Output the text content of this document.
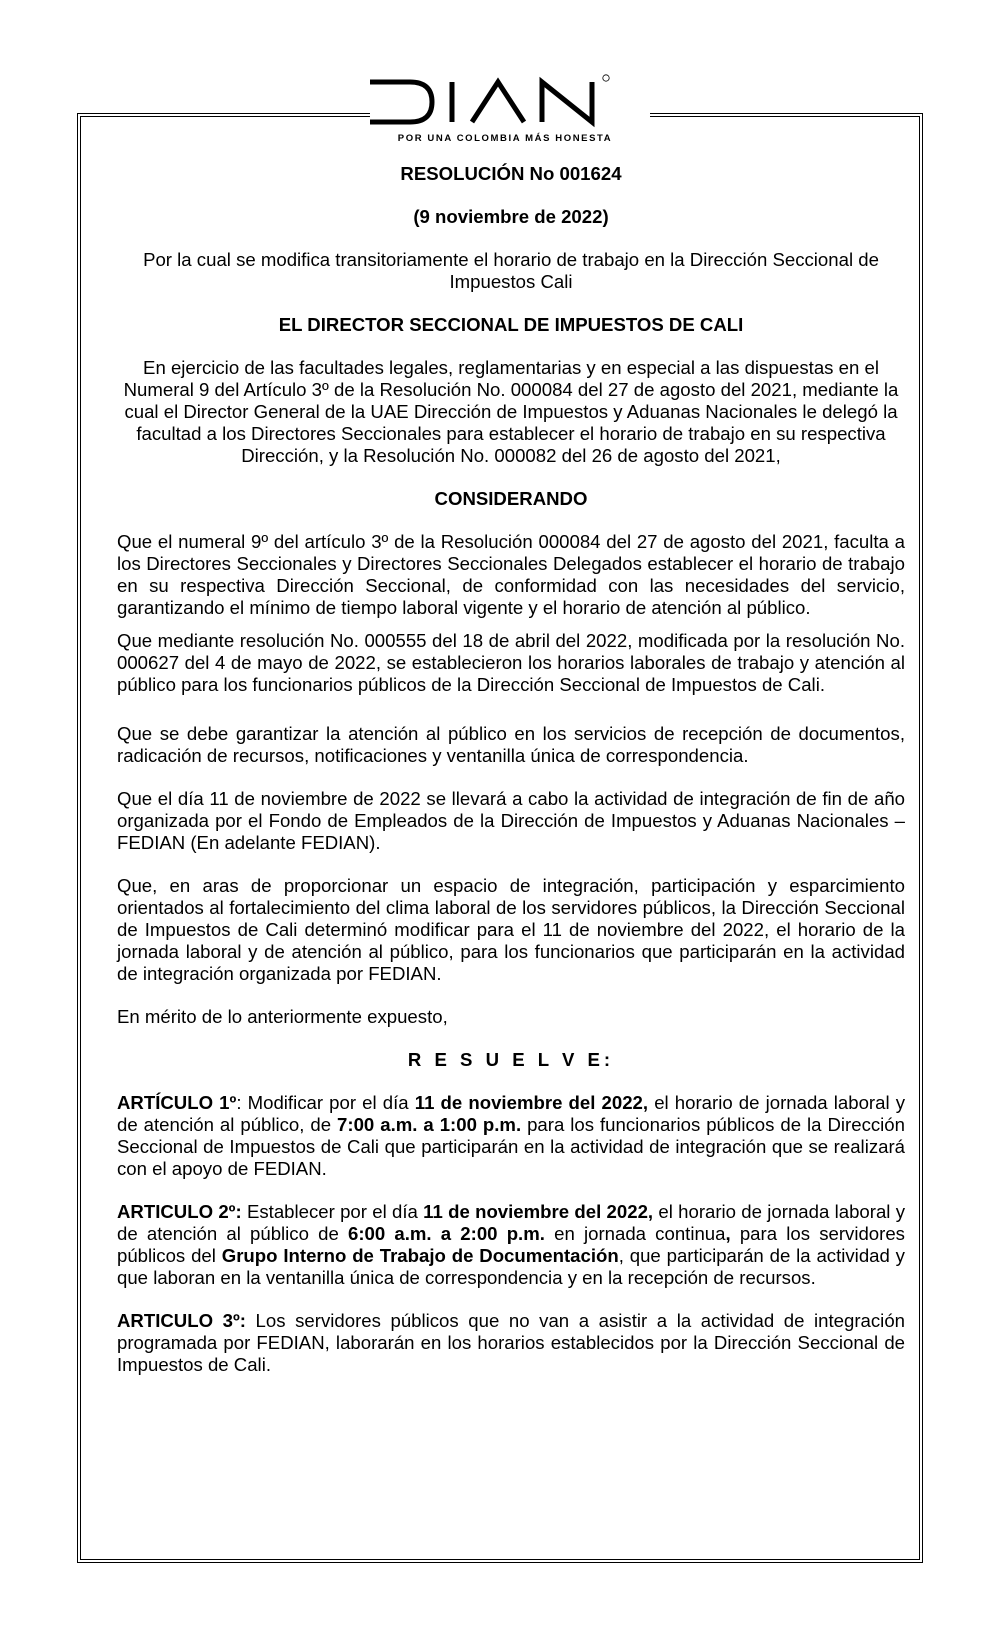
POR UNA COLOMBIA MÁS HONESTA

RESOLUCIÓN No 001624

(9 noviembre de 2022)

Por la cual se modifica transitoriamente el horario de trabajo en la Dirección Seccional de Impuestos Cali

EL DIRECTOR SECCIONAL DE IMPUESTOS DE CALI

En ejercicio de las facultades legales, reglamentarias y en especial a las dispuestas en el Numeral 9 del Artículo 3º de la Resolución No. 000084 del 27 de agosto del 2021, mediante la cual el Director General de la UAE Dirección de Impuestos y Aduanas Nacionales le delegó la facultad a los Directores Seccionales para establecer el horario de trabajo en su respectiva Dirección, y la Resolución No. 000082 del 26 de agosto del 2021,

CONSIDERANDO

Que el numeral 9º del artículo 3º de la Resolución 000084 del 27 de agosto del 2021, faculta a los Directores Seccionales y Directores Seccionales Delegados establecer el horario de trabajo en su respectiva Dirección Seccional, de conformidad con las necesidades del servicio, garantizando el mínimo de tiempo laboral vigente y el horario de atención al público.

Que mediante resolución No. 000555 del 18 de abril del 2022, modificada por la resolución No. 000627 del 4 de mayo de 2022, se establecieron los horarios laborales de trabajo y atención al público para los funcionarios públicos de la Dirección Seccional de Impuestos de Cali.

Que se debe garantizar la atención al público en los servicios de recepción de documentos, radicación de recursos, notificaciones y ventanilla única de correspondencia.

Que el día 11 de noviembre de 2022 se llevará a cabo la actividad de integración de fin de año organizada por el Fondo de Empleados de la Dirección de Impuestos y Aduanas Nacionales – FEDIAN (En adelante FEDIAN).

Que, en aras de proporcionar un espacio de integración, participación y esparcimiento orientados al fortalecimiento del clima laboral de los servidores públicos, la Dirección Seccional de Impuestos de Cali determinó modificar para el 11 de noviembre del 2022, el horario de la jornada laboral y de atención al público, para los funcionarios que participarán en la actividad de integración organizada por FEDIAN.

En mérito de lo anteriormente expuesto,

R E S U E L V E:

ARTÍCULO 1º: Modificar por el día 11 de noviembre del 2022, el horario de jornada laboral y de atención al público, de 7:00 a.m. a 1:00 p.m. para los funcionarios públicos de la Dirección Seccional de Impuestos de Cali que participarán en la actividad de integración que se realizará con el apoyo de FEDIAN.

ARTICULO 2º: Establecer por el día 11 de noviembre del 2022, el horario de jornada laboral y de atención al público de 6:00 a.m. a 2:00 p.m. en jornada continua, para los servidores públicos del Grupo Interno de Trabajo de Documentación, que participarán de la actividad y que laboran en la ventanilla única de correspondencia y en la recepción de recursos.

ARTICULO 3º: Los servidores públicos que no van a asistir a la actividad de integración programada por FEDIAN, laborarán en los horarios establecidos por la Dirección Seccional de Impuestos de Cali.
